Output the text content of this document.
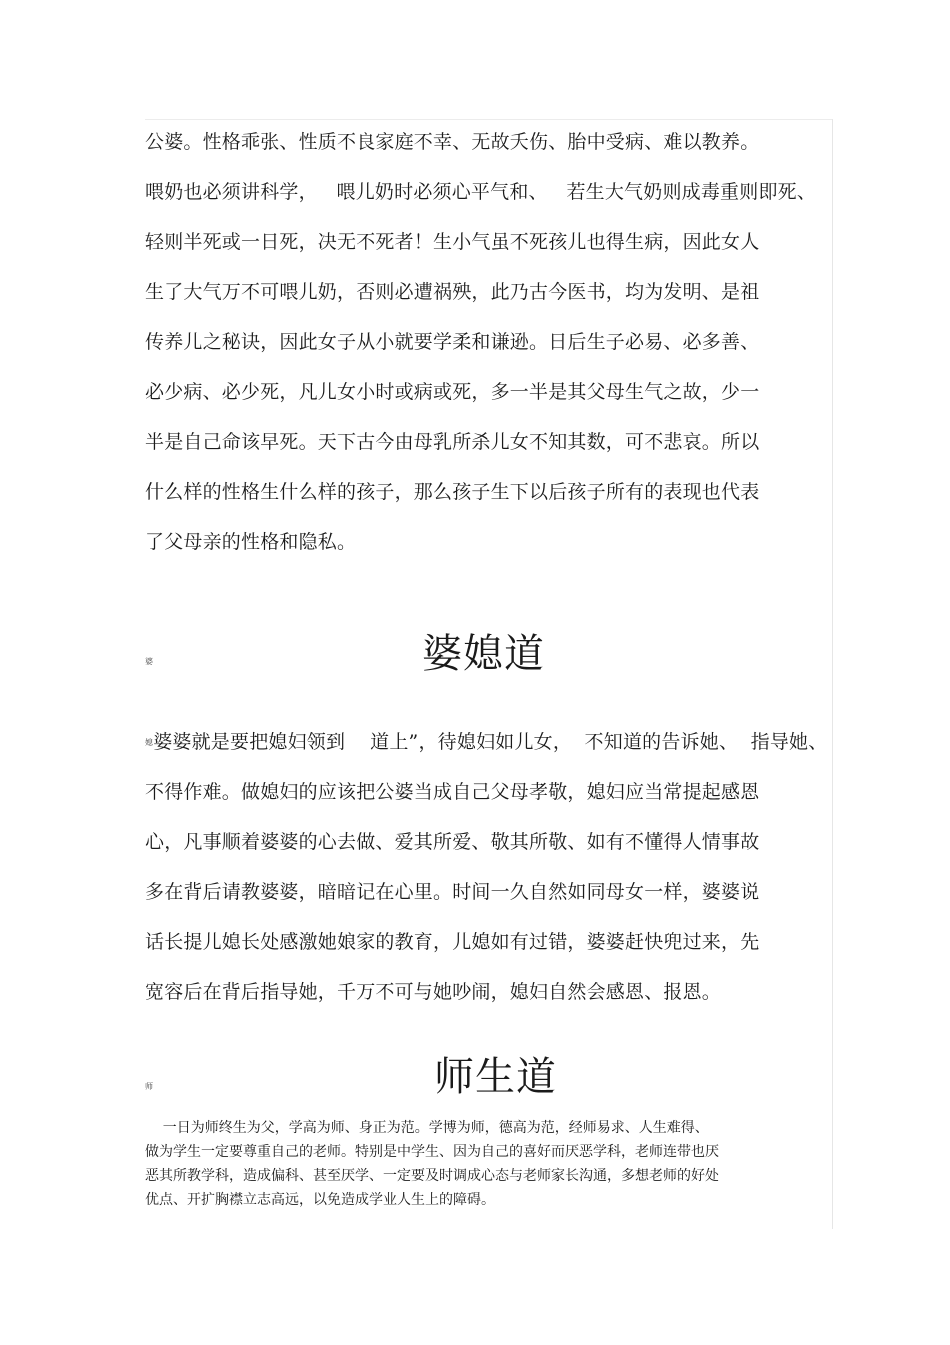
公婆。性格乖张、性质不良家庭不幸、无故夭伤、胎中受病、难以教养。
喂奶也必须讲科学，   喂儿奶时必须心平气和、   若生大气奶则成毒重则即死、
轻则半死或一日死，决无不死者！生小气虽不死孩儿也得生病，因此女人
生了大气万不可喂儿奶，否则必遭祸殃，此乃古今医书，均为发明、是祖
传养儿之秘诀，因此女子从小就要学柔和谦逊。日后生子必易、必多善、
必少病、必少死，凡儿女小时或病或死，多一半是其父母生气之故，少一
半是自己命该早死。天下古今由母乳所杀儿女不知其数，可不悲哀。所以
什么样的性格生什么样的孩子，那么孩子生下以后孩子所有的表现也代表
了父母亲的性格和隐私。
婆	婆媳道
媳婆婆就是要把媳妇领到    道上”，待媳妇如儿女，  不知道的告诉她、  指导她、
不得作难。做媳妇的应该把公婆当成自己父母孝敬，媳妇应当常提起感恩
心，凡事顺着婆婆的心去做、爱其所爱、敬其所敬、如有不懂得人情事故
多在背后请教婆婆，暗暗记在心里。时间一久自然如同母女一样，婆婆说
话长提儿媳长处感激她娘家的教育，儿媳如有过错，婆婆赶快兜过来，先
宽容后在背后指导她，千万不可与她吵闹，媳妇自然会感恩、报恩。
师	师生道
一日为师终生为父，学高为师、身正为范。学博为师，德高为范，经师易求、人生难得、
做为学生一定要尊重自己的老师。特别是中学生、因为自己的喜好而厌恶学科，老师连带也厌
恶其所教学科，造成偏科、甚至厌学、一定要及时调成心态与老师家长沟通，多想老师的好处
优点、开扩胸襟立志高远，以免造成学业人生上的障碍。
